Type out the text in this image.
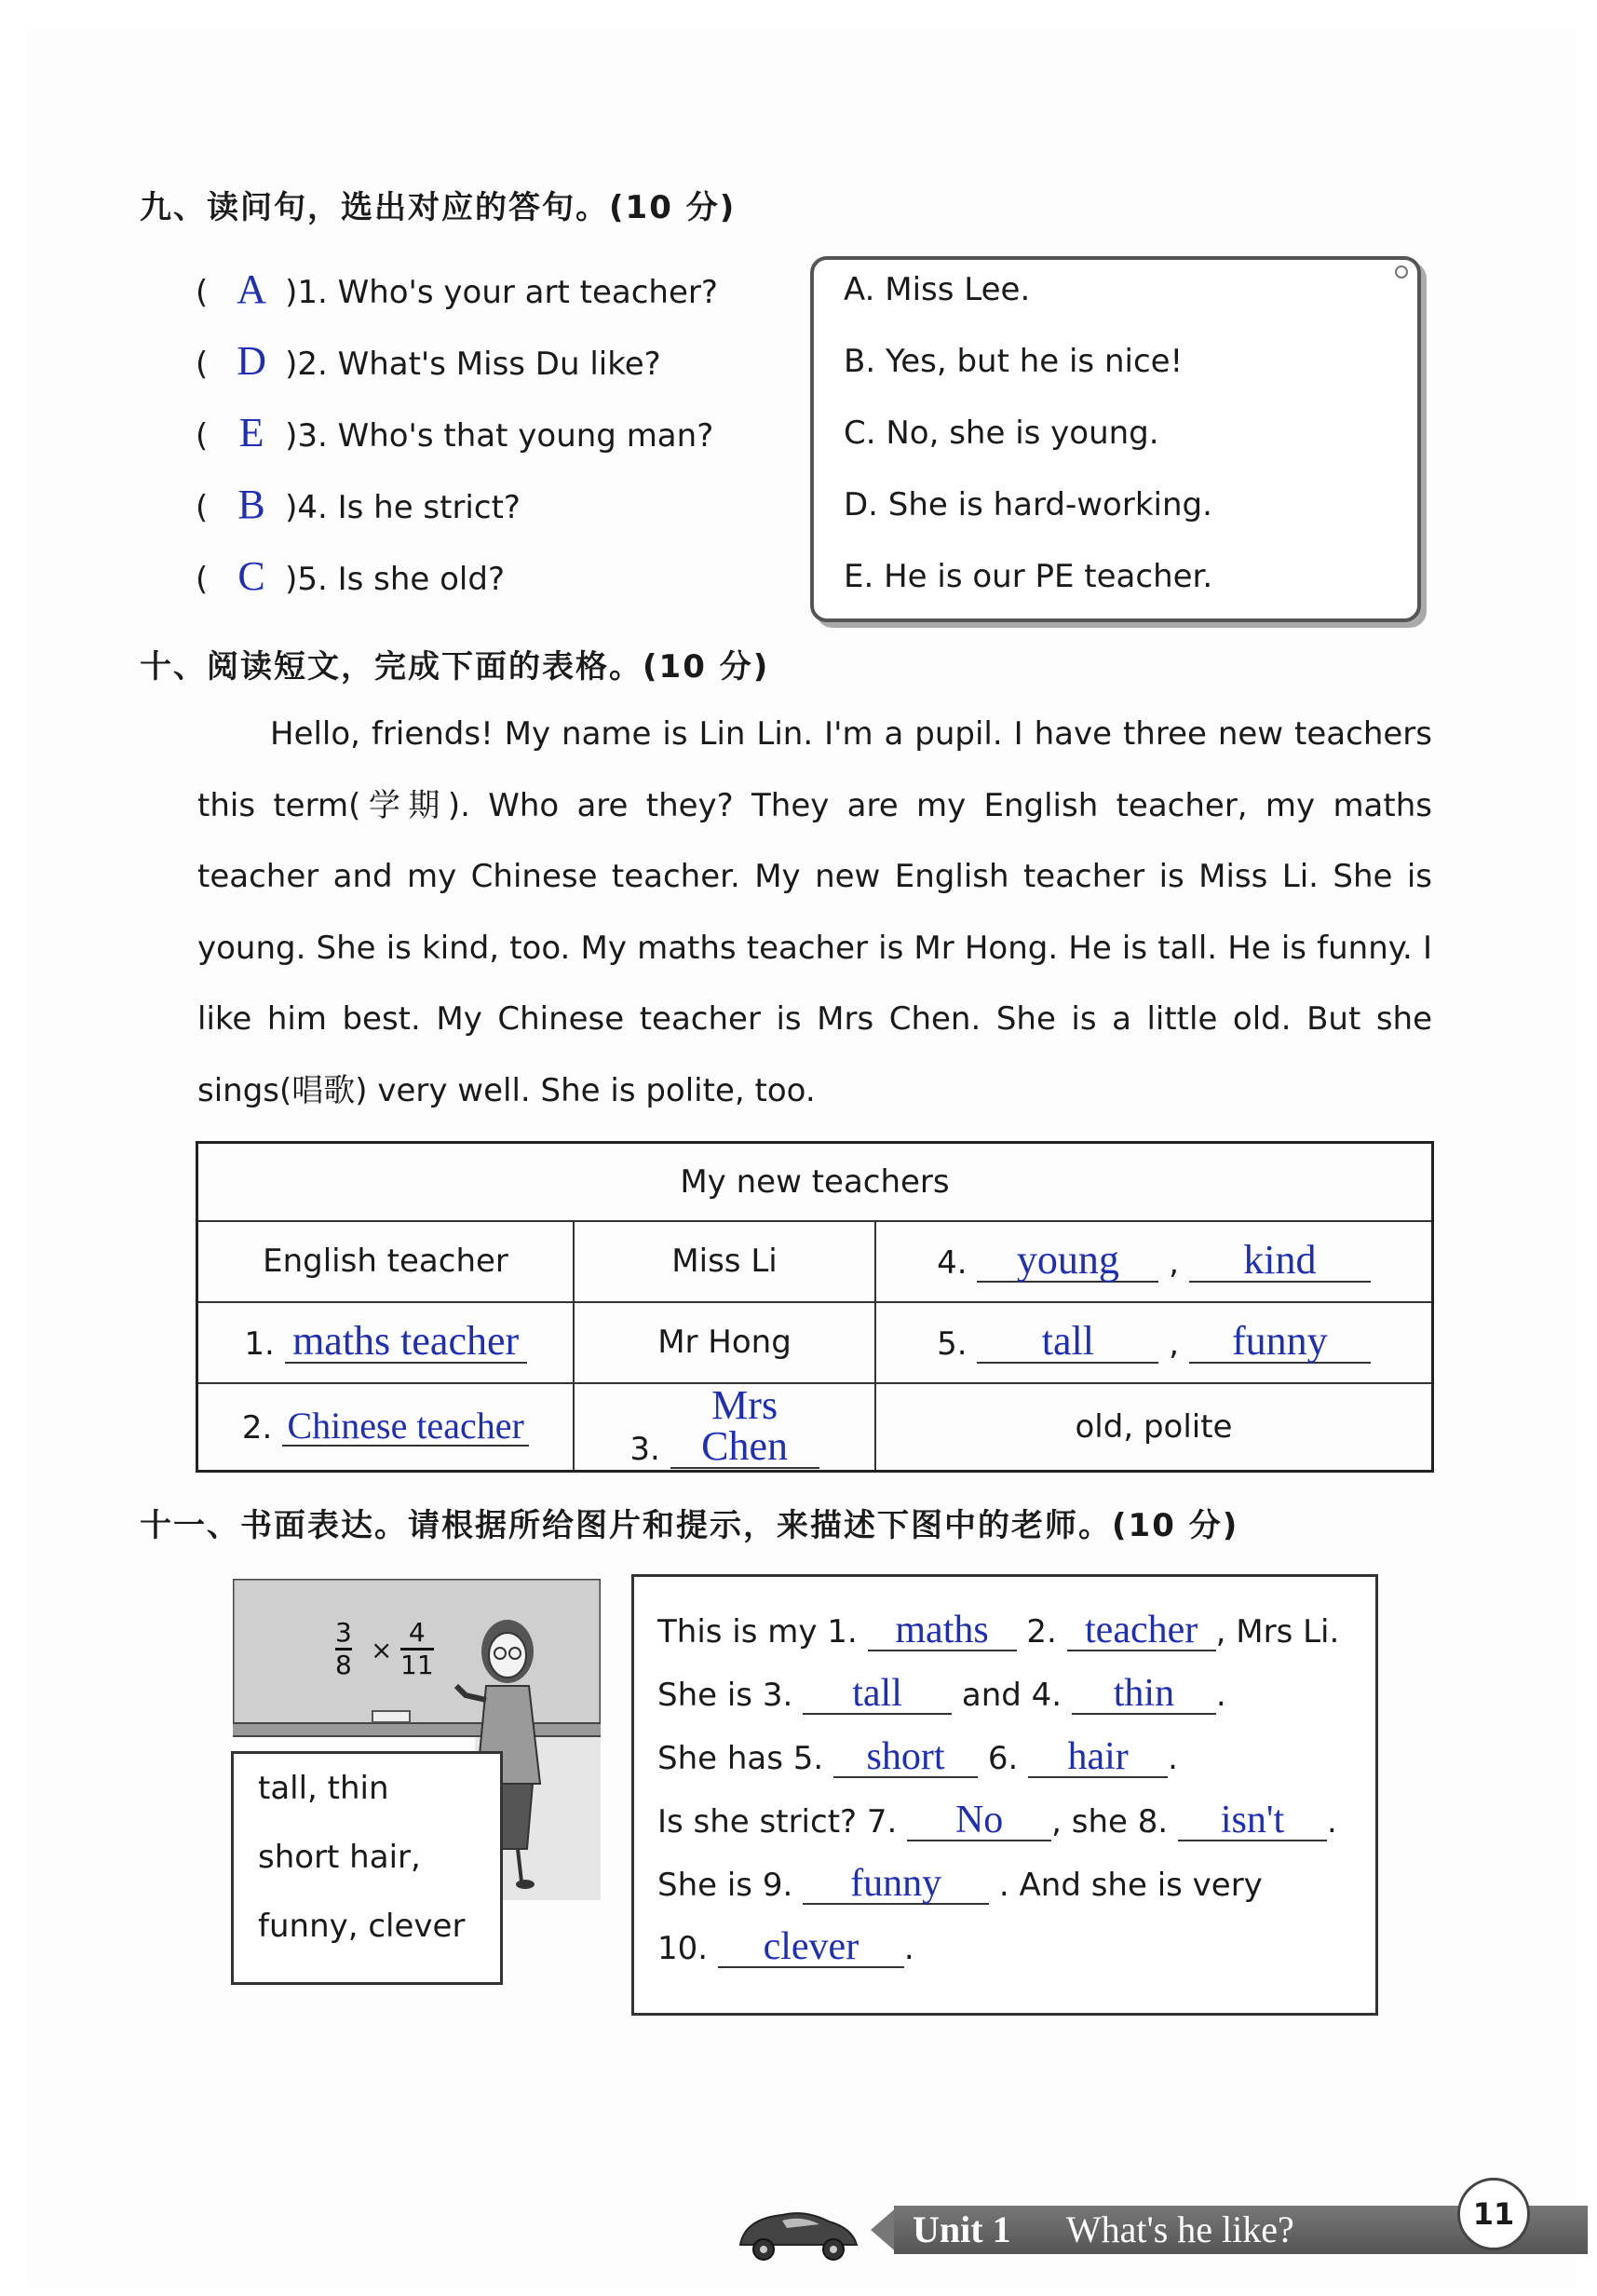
九、读问句，选出对应的答句。(10 分)
( A )1. Who's your art teacher?
( D )2. What's Miss Du like?
( E )3. Who's that young man?
( B )4. Is he strict?
( C )5. Is she old?
A. Miss Lee.
B. Yes, but he is nice!
C. No, she is young.
D. She is hard-working.
E. He is our PE teacher.
十、阅读短文，完成下面的表格。(10 分)
Hello, friends! My name is Lin Lin. I'm a pupil. I have three new teachers this term(学期). Who are they? They are my English teacher, my maths teacher and my Chinese teacher. My new English teacher is Miss Li. She is young. She is kind, too. My maths teacher is Mr Hong. He is tall. He is funny. I like him best. My Chinese teacher is Mrs Chen. She is a little old. But she sings(唱歌) very well. She is polite, too.
My new teachers		
English teacher	Miss Li	4. young , kind
1. maths teacher	Mr Hong	5. tall , funny
2. Chinese teacher	3. Mrs Chen	old, polite
十一、书面表达。请根据所给图片和提示，来描述下图中的老师。(10 分)
3
8 ×
4
11
tall, thin
short hair,
funny, clever
This is my 1. maths 2. teacher , Mrs Li.
She is 3. tall and 4. thin .
She has 5. short 6. hair .
Is she strict? 7. No , she 8. isn't .
She is 9. funny . And she is very
10. clever .
Unit 1 What's he like?	11
